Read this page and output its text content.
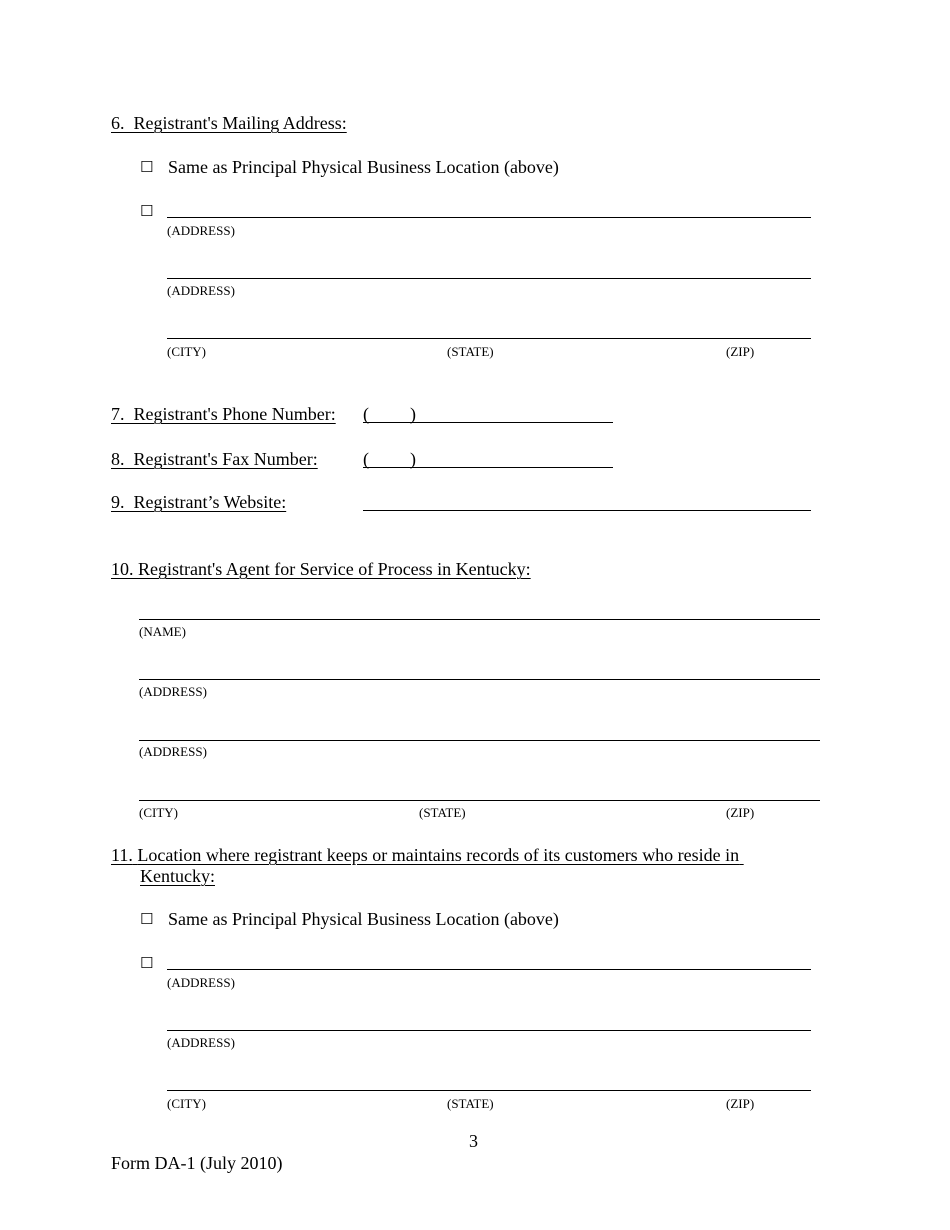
6. Registrant's Mailing Address:
☐ Same as Principal Physical Business Location (above)
☐
(ADDRESS)
(ADDRESS)
(CITY)	(STATE)	(ZIP)
7. Registrant's Phone Number: ( )
8. Registrant's Fax Number:	( )
9. Registrant’s Website:
10. Registrant's Agent for Service of Process in Kentucky:
(NAME)
(ADDRESS)
(ADDRESS)
(CITY)	(STATE)	(ZIP)
11. Location where registrant keeps or maintains records of its customers who reside in
Kentucky:
☐ Same as Principal Physical Business Location (above)
☐
(ADDRESS)
(ADDRESS)
(CITY)	(STATE)	(ZIP)
3
Form DA-1 (July 2010)
